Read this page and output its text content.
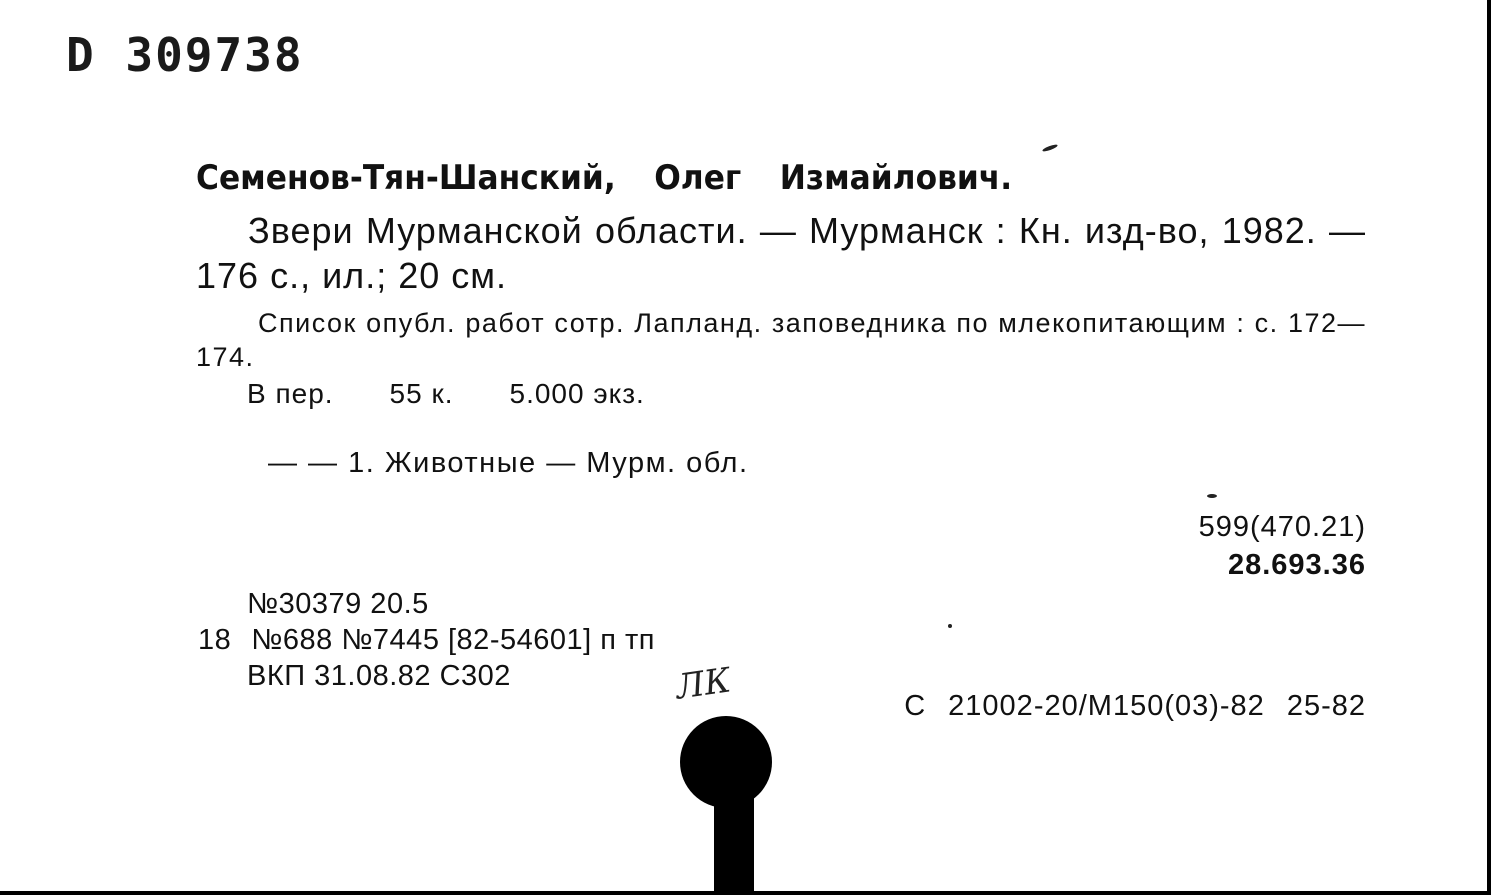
D 309738
Семенов-Тян-Шанский, Олег Измайлович.
Звери Мурманской области. — Мурманск : Кн. изд-во, 1982. — 176 с., ил.; 20 см.
Список опубл. работ сотр. Лапланд. заповедника по млекопитающим : с. 172—174.
В пер. 55 к. 5.000 экз.
— — 1. Животные — Мурм. обл.
599(470.21)
28.693.36
№30379 20.5
18 №688 №7445 [82-54601] п тп
ВКП 31.08.82 С302	ЛК	С 21002-20/М150(03)-82 25-82
